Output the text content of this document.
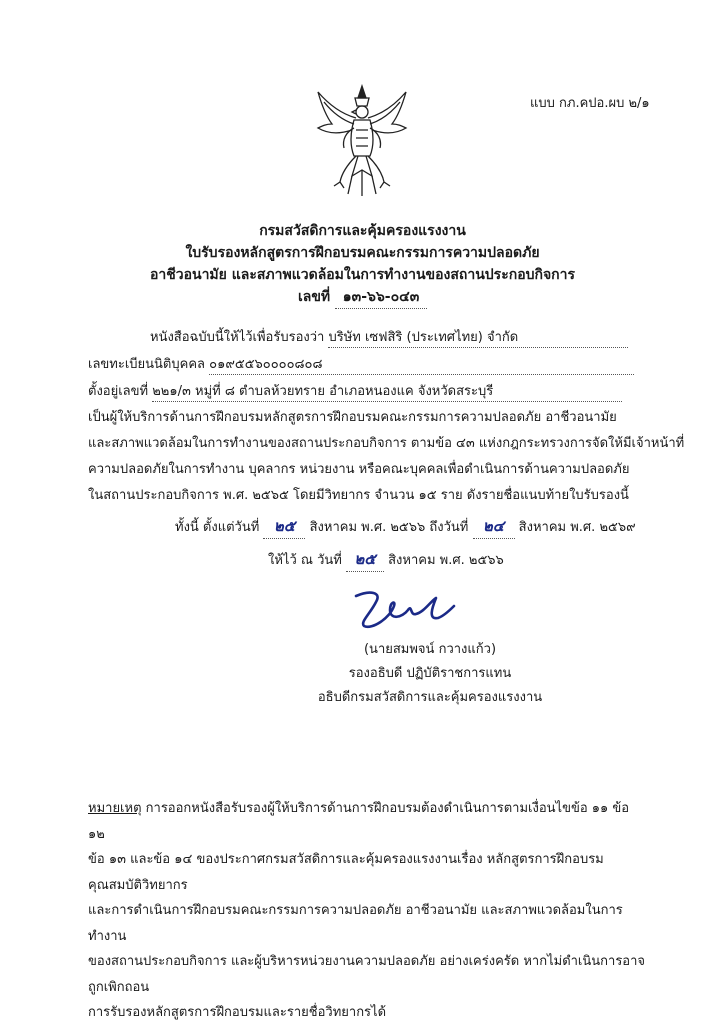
แบบ กภ.คปอ.ผบ ๒/๑
กรมสวัสดิการและคุ้มครองแรงงาน
ใบรับรองหลักสูตรการฝึกอบรมคณะกรรมการความปลอดภัย
อาชีวอนามัย และสภาพแวดล้อมในการทำงานของสถานประกอบกิจการ
เลขที่ ๑๓-๖๖-๐๔๓
หนังสือฉบับนี้ให้ไว้เพื่อรับรองว่า บริษัท เซฟสิริ (ประเทศไทย) จำกัด
เลขทะเบียนนิติบุคคล ๐๑๙๕๕๖๐๐๐๐๘๐๘
ตั้งอยู่เลขที่ ๒๒๑/๓ หมู่ที่ ๘ ตำบลห้วยทราย อำเภอหนองแค จังหวัดสระบุรี
เป็นผู้ให้บริการด้านการฝึกอบรมหลักสูตรการฝึกอบรมคณะกรรมการความปลอดภัย อาชีวอนามัย
และสภาพแวดล้อมในการทำงานของสถานประกอบกิจการ ตามข้อ ๔๓ แห่งกฎกระทรวงการจัดให้มีเจ้าหน้าที่
ความปลอดภัยในการทำงาน บุคลากร หน่วยงาน หรือคณะบุคคลเพื่อดำเนินการด้านความปลอดภัย
ในสถานประกอบกิจการ พ.ศ. ๒๕๖๕ โดยมีวิทยากร จำนวน ๑๕ ราย ดังรายชื่อแนบท้ายใบรับรองนี้
ทั้งนี้ ตั้งแต่วันที่ ๒๕ สิงหาคม พ.ศ. ๒๕๖๖ ถึงวันที่ ๒๔ สิงหาคม พ.ศ. ๒๕๖๙
ให้ไว้ ณ วันที่ ๒๕ สิงหาคม พ.ศ. ๒๕๖๖
(นายสมพจน์ กวางแก้ว)
รองอธิบดี ปฏิบัติราชการแทน
อธิบดีกรมสวัสดิการและคุ้มครองแรงงาน
หมายเหตุ การออกหนังสือรับรองผู้ให้บริการด้านการฝึกอบรมต้องดำเนินการตามเงื่อนไขข้อ ๑๑ ข้อ ๑๒
ข้อ ๑๓ และข้อ ๑๔ ของประกาศกรมสวัสดิการและคุ้มครองแรงงานเรื่อง หลักสูตรการฝึกอบรม คุณสมบัติวิทยากร
และการดำเนินการฝึกอบรมคณะกรรมการความปลอดภัย อาชีวอนามัย และสภาพแวดล้อมในการทำงาน
ของสถานประกอบกิจการ และผู้บริหารหน่วยงานความปลอดภัย อย่างเคร่งครัด หากไม่ดำเนินการอาจถูกเพิกถอน
การรับรองหลักสูตรการฝึกอบรมและรายชื่อวิทยากรได้
